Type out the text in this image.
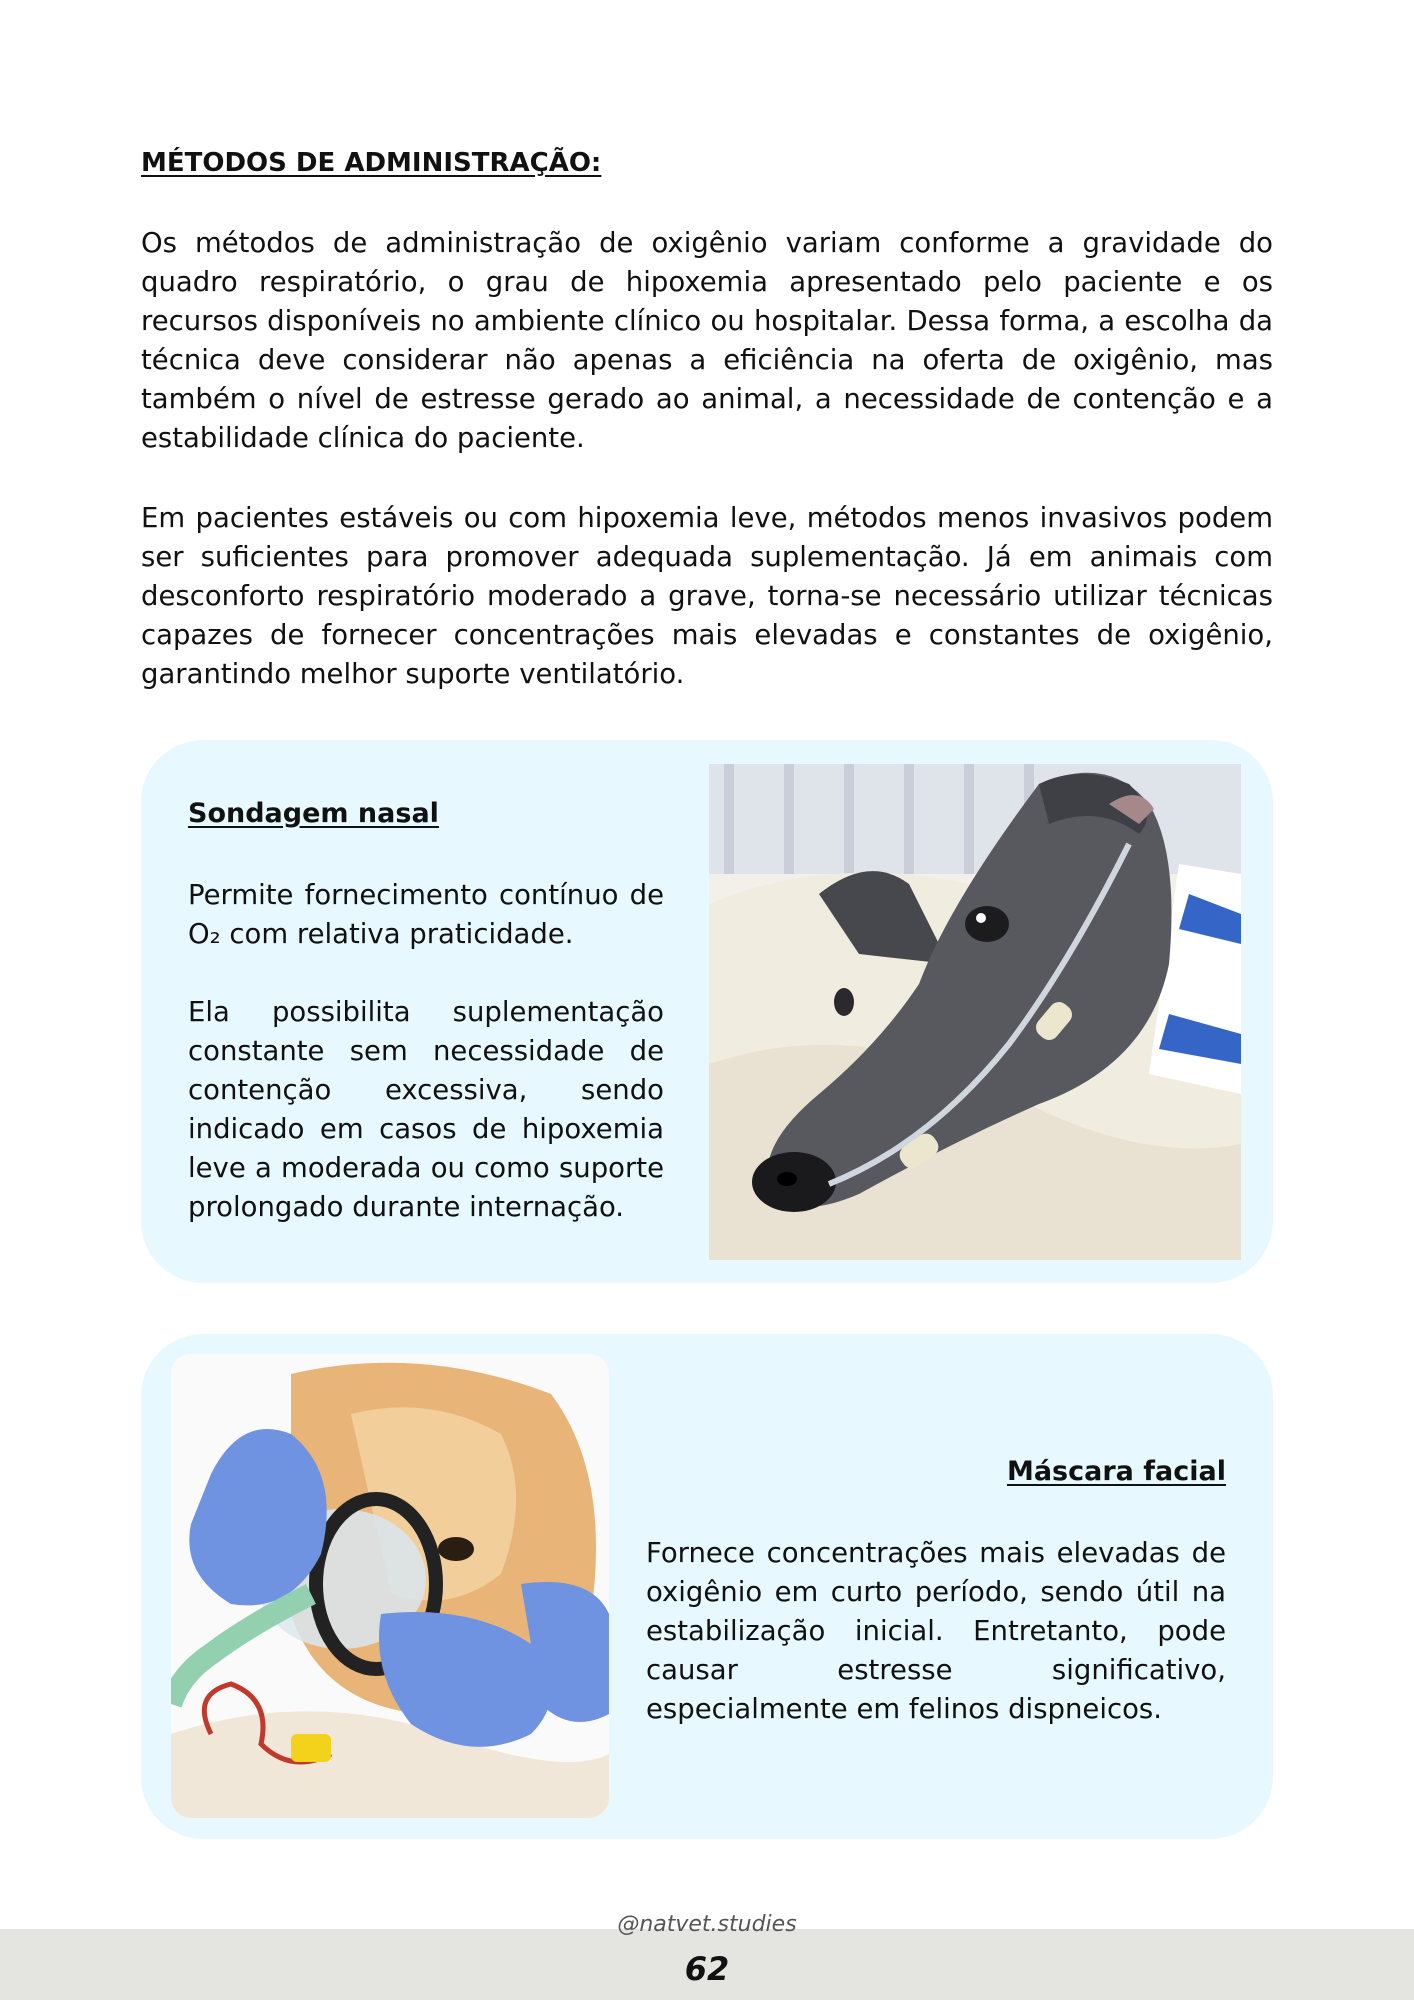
MÉTODOS DE ADMINISTRAÇÃO:

Os métodos de administração de oxigênio variam conforme a gravidade do quadro respiratório, o grau de hipoxemia apresentado pelo paciente e os recursos disponíveis no ambiente clínico ou hospitalar. Dessa forma, a escolha da técnica deve considerar não apenas a eficiência na oferta de oxigênio, mas também o nível de estresse gerado ao animal, a necessidade de contenção e a estabilidade clínica do paciente.

Em pacientes estáveis ou com hipoxemia leve, métodos menos invasivos podem ser suficientes para promover adequada suplementação. Já em animais com desconforto respiratório moderado a grave, torna-se necessário utilizar técnicas capazes de fornecer concentrações mais elevadas e constantes de oxigênio, garantindo melhor suporte ventilatório.

Sondagem nasal

Permite fornecimento contínuo de O₂ com relativa praticidade.

Ela possibilita suplementação constante sem necessidade de contenção excessiva, sendo indicado em casos de hipoxemia leve a moderada ou como suporte prolongado durante internação.

Máscara facial

Fornece concentrações mais elevadas de oxigênio em curto período, sendo útil na estabilização inicial. Entretanto, pode causar estresse significativo, especialmente em felinos dispneicos.

@natvet.studies

62
